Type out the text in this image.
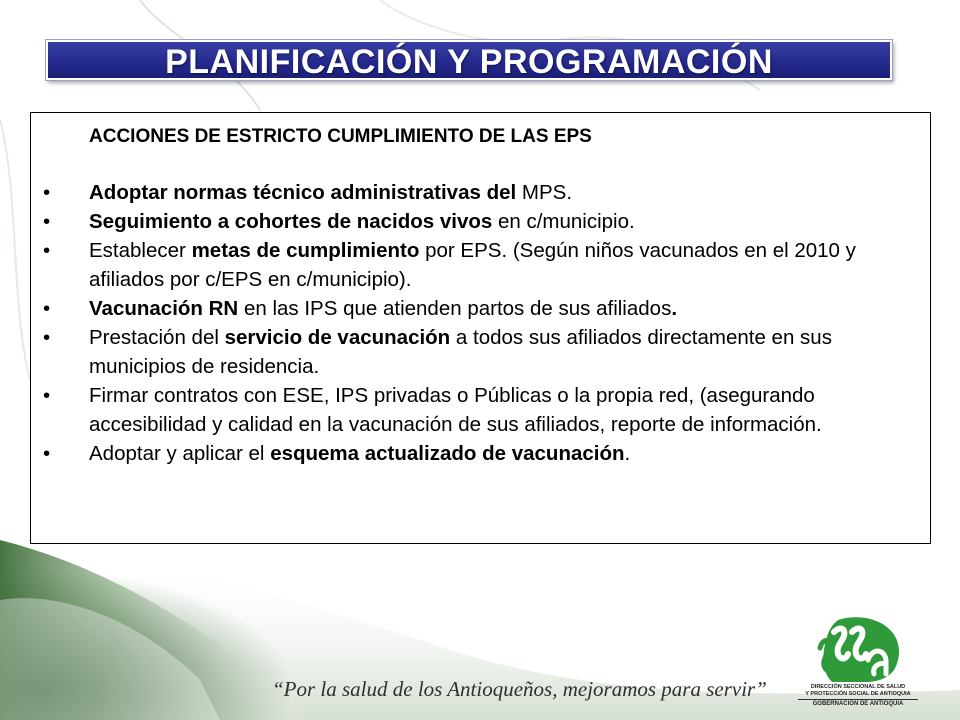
PLANIFICACIÓN Y PROGRAMACIÓN
ACCIONES DE ESTRICTO CUMPLIMIENTO DE LAS EPS
•	Adoptar normas técnico administrativas del MPS.
•	Seguimiento a cohortes de nacidos vivos en c/municipio.
•	Establecer metas de cumplimiento por EPS. (Según niños vacunados en el 2010 y afiliados por c/EPS en c/municipio).
•	Vacunación RN en las IPS que atienden partos de sus afiliados.
•	Prestación del servicio de vacunación a todos sus afiliados directamente en sus municipios de residencia.
•	Firmar contratos con ESE, IPS privadas o Públicas o la propia red, (asegurando accesibilidad y calidad en la vacunación de sus afiliados, reporte de información.
•	Adoptar y aplicar el esquema actualizado de vacunación.
“Por la salud de los Antioqueños, mejoramos para servir”	DIRECCIÓN SECCIONAL DE SALUD
Y PROTECCIÓN SOCIAL DE ANTIOQUIA
GOBERNACIÓN DE ANTIOQUIA
